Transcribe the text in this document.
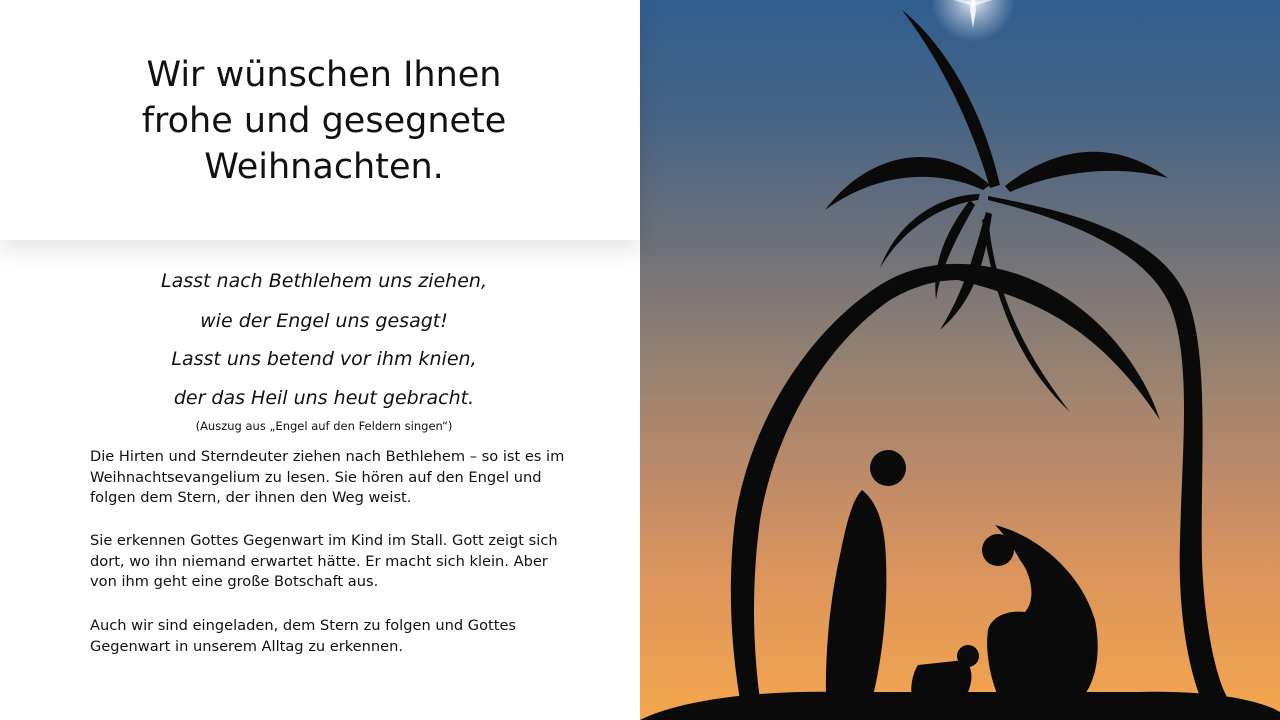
Wir wünschen Ihnen
frohe und gesegnete
Weihnachten.

Lasst nach Bethlehem uns ziehen,

wie der Engel uns gesagt!

Lasst uns betend vor ihm knien,

der das Heil uns heut gebracht.

(Auszug aus „Engel auf den Feldern singen“)

Die Hirten und Sterndeuter ziehen nach Bethlehem – so ist es im Weihnachtsevangelium zu lesen. Sie hören auf den Engel und folgen dem Stern, der ihnen den Weg weist.

Sie erkennen Gottes Gegenwart im Kind im Stall. Gott zeigt sich dort, wo ihn niemand erwartet hätte. Er macht sich klein. Aber von ihm geht eine große Botschaft aus.

Auch wir sind eingeladen, dem Stern zu folgen und Gottes Gegenwart in unserem Alltag zu erkennen.
